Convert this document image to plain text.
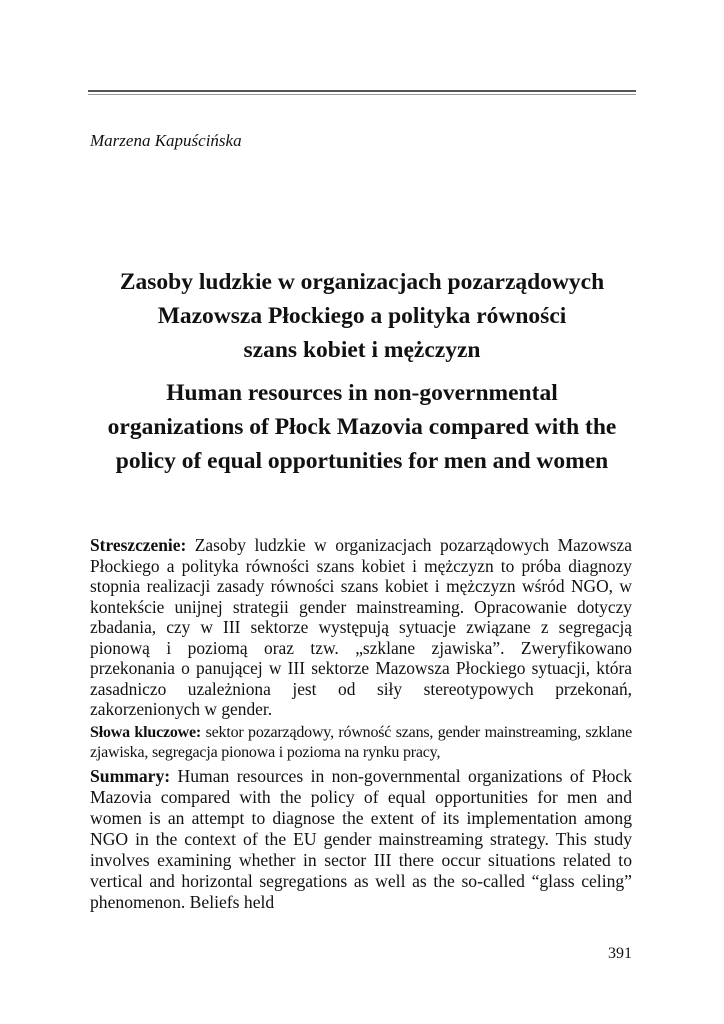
Marzena Kapuścińska
Zasoby ludzkie w organizacjach pozarządowych
Mazowsza Płockiego a polityka równości
szans kobiet i mężczyzn
Human resources in non-governmental
organizations of Płock Mazovia compared with the
policy of equal opportunities for men and women

Streszczenie: Zasoby ludzkie w organizacjach pozarządowych Mazowsza Płockiego a polityka równości szans kobiet i mężczyzn to próba diagnozy stopnia realizacji zasady równości szans kobiet i mężczyzn wśród NGO, w kontekście unijnej strategii gender mainstreaming. Opracowanie dotyczy zbadania, czy w III sektorze występują sytuacje związane z segregacją pionową i poziomą oraz tzw. „szklane zjawiska”. Zweryfikowano przekonania o panującej w III sektorze Mazowsza Płockiego sytuacji, która zasadniczo uzależniona jest od siły stereotypowych przekonań, zakorzenionych w gender.

Słowa kluczowe: sektor pozarządowy, równość szans, gender mainstreaming, szklane zjawiska, segregacja pionowa i pozioma na rynku pracy,

Summary: Human resources in non-governmental organizations of Płock Mazovia compared with the policy of equal opportunities for men and women is an attempt to diagnose the extent of its implementation among NGO in the context of the EU gender mainstreaming strategy. This study involves examining whether in sector III there occur situations related to vertical and horizontal segregations as well as the so-called “glass celing” phenomenon. Beliefs held

391
